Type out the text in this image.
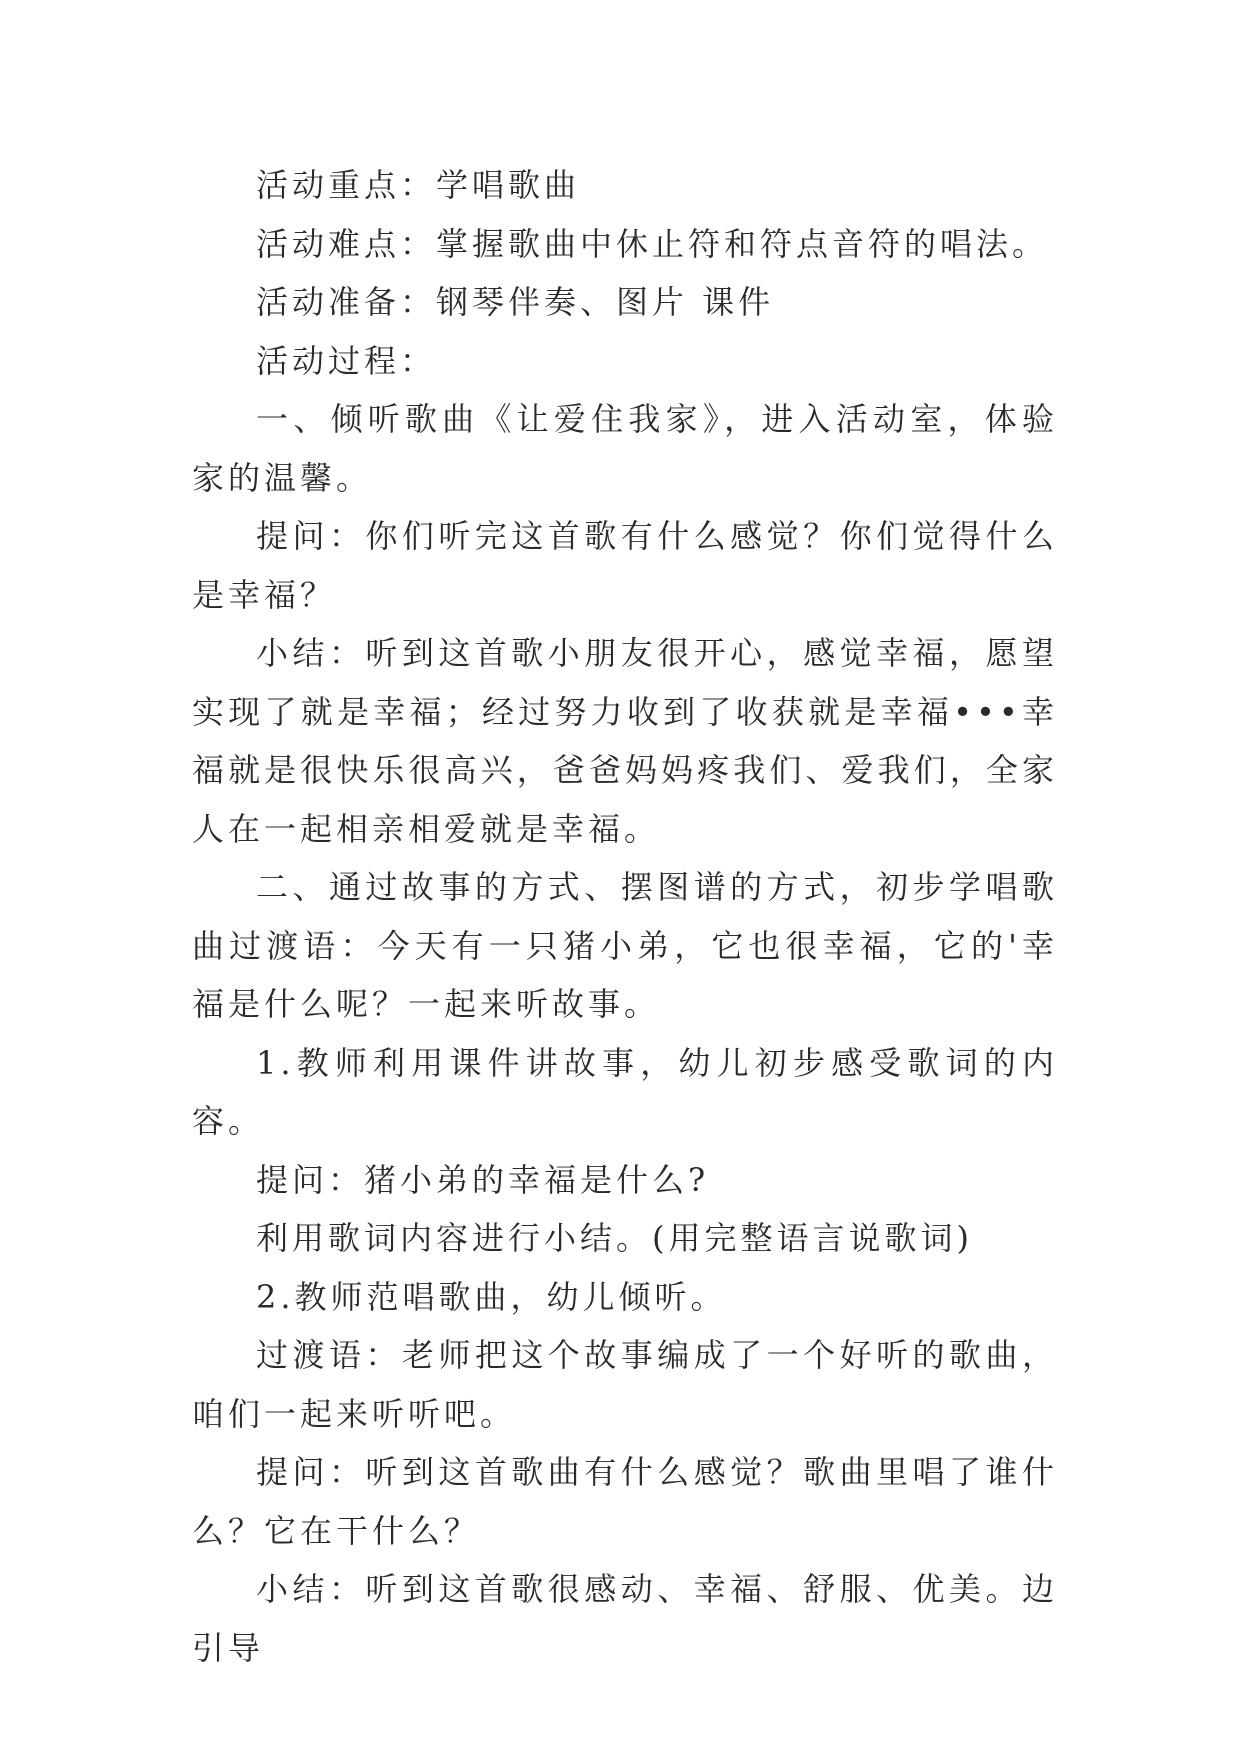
活动重点：学唱歌曲

活动难点：掌握歌曲中休止符和符点音符的唱法。

活动准备：钢琴伴奏、图片 课件

活动过程：

一、倾听歌曲《让爱住我家》，进入活动室，体验家的温馨。

提问：你们听完这首歌有什么感觉？你们觉得什么是幸福？

小结：听到这首歌小朋友很开心，感觉幸福，愿望实现了就是幸福；经过努力收到了收获就是幸福•••幸福就是很快乐很高兴，爸爸妈妈疼我们、爱我们，全家人在一起相亲相爱就是幸福。

二、通过故事的方式、摆图谱的方式，初步学唱歌曲过渡语：今天有一只猪小弟，它也很幸福，它的'幸福是什么呢？一起来听故事。

1.教师利用课件讲故事，幼儿初步感受歌词的内容。

提问：猪小弟的幸福是什么?

利用歌词内容进行小结。(用完整语言说歌词)

2.教师范唱歌曲，幼儿倾听。

过渡语：老师把这个故事编成了一个好听的歌曲，咱们一起来听听吧。

提问：听到这首歌曲有什么感觉？歌曲里唱了谁什么？它在干什么？

小结：听到这首歌很感动、幸福、舒服、优美。边引导
